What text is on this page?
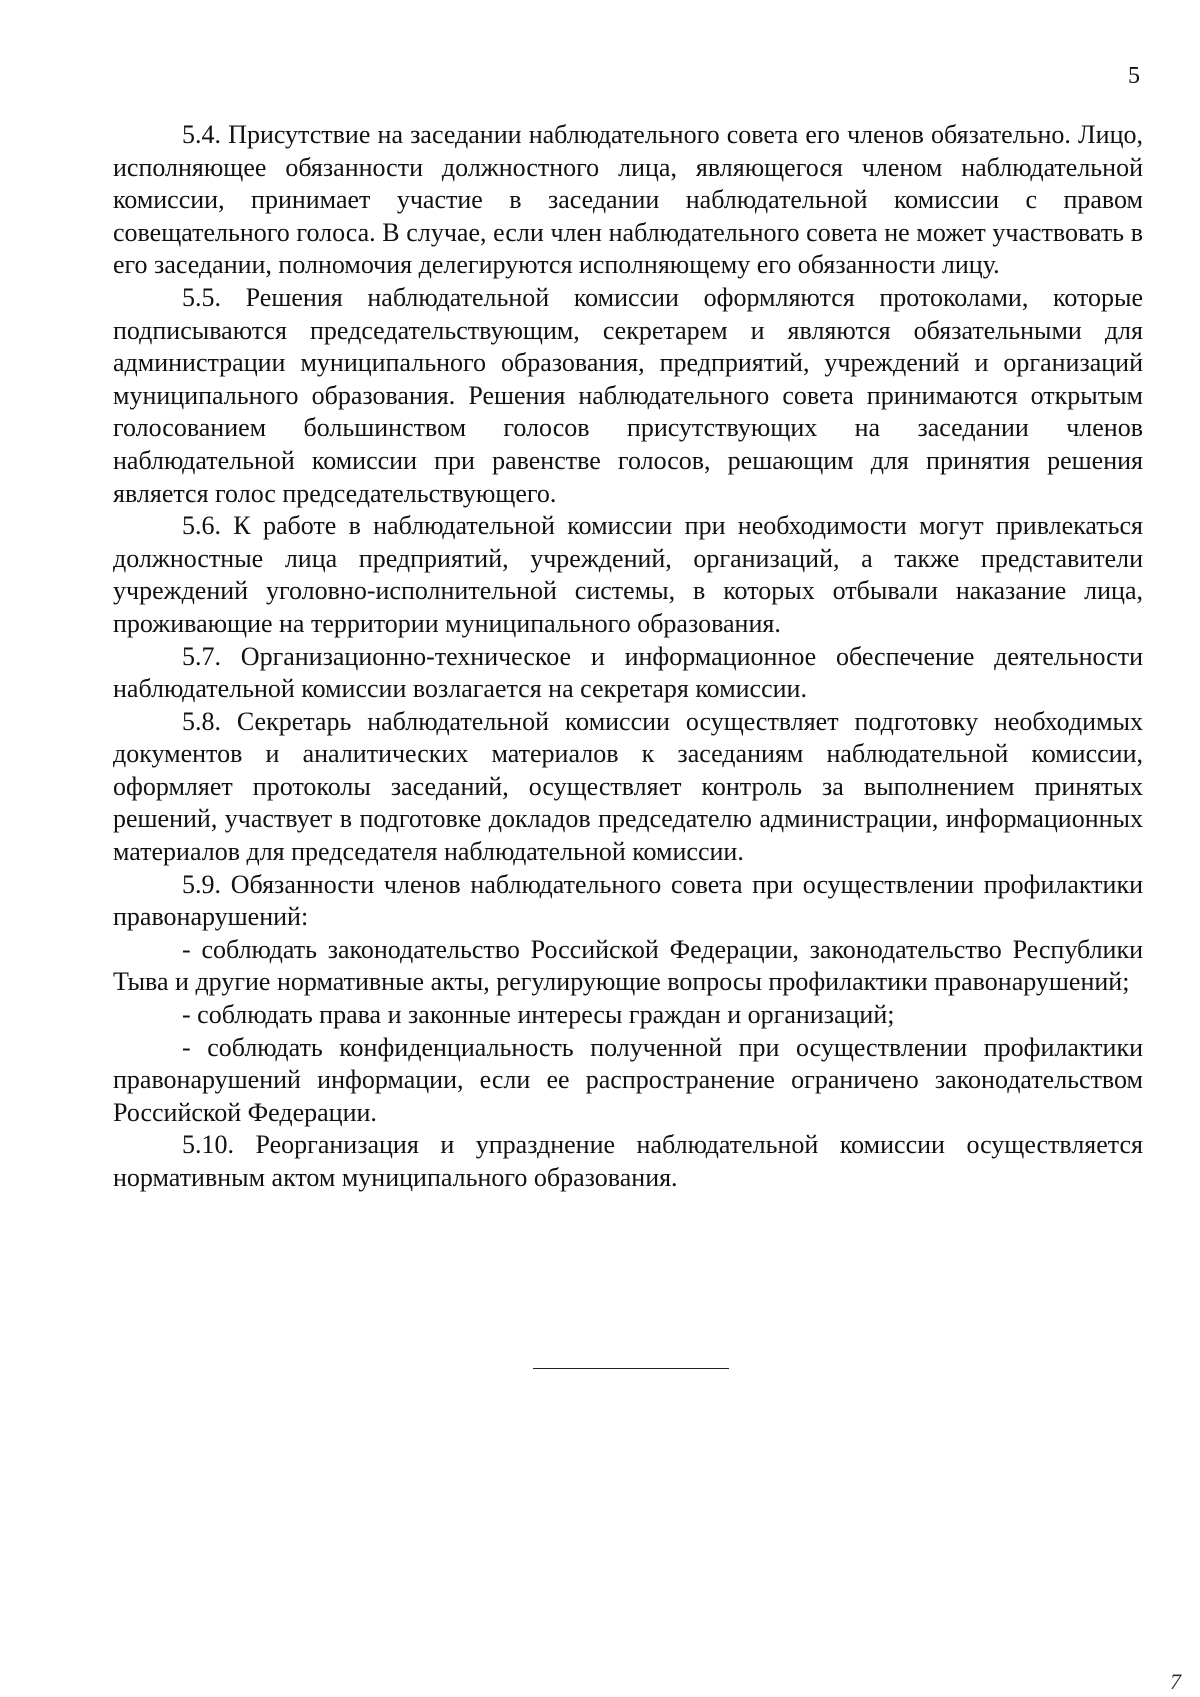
5

5.4. Присутствие на заседании наблюдательного совета его членов обязательно. Лицо, исполняющее обязанности должностного лица, являющегося членом наблюдательной комиссии, принимает участие в заседании наблюдательной комиссии с правом совещательного голоса. В случае, если член наблюдательного совета не может участвовать в его заседании, полномочия делегируются исполняющему его обязанности лицу.

5.5. Решения наблюдательной комиссии оформляются протоколами, которые подписываются председательствующим, секретарем и являются обязательными для администрации муниципального образования, предприятий, учреждений и организаций муниципального образования. Решения наблюдательного совета принимаются открытым голосованием большинством голосов присутствующих на заседании членов наблюдательной комиссии при равенстве голосов, решающим для принятия решения является голос председательствующего.

5.6. К работе в наблюдательной комиссии при необходимости могут привлекаться должностные лица предприятий, учреждений, организаций, а также представители учреждений уголовно-исполнительной системы, в которых отбывали наказание лица, проживающие на территории муниципального образования.

5.7. Организационно-техническое и информационное обеспечение деятельности наблюдательной комиссии возлагается на секретаря комиссии.

5.8. Секретарь наблюдательной комиссии осуществляет подготовку необходимых документов и аналитических материалов к заседаниям наблюдательной комиссии, оформляет протоколы заседаний, осуществляет контроль за выполнением принятых решений, участвует в подготовке докладов председателю администрации, информационных материалов для председателя наблюдательной комиссии.

5.9. Обязанности членов наблюдательного совета при осуществлении профилактики правонарушений:

- соблюдать законодательство Российской Федерации, законодательство Республики Тыва и другие нормативные акты, регулирующие вопросы профилактики правонарушений;

- соблюдать права и законные интересы граждан и организаций;

- соблюдать конфиденциальность полученной при осуществлении профилактики правонарушений информации, если ее распространение ограничено законодательством Российской Федерации.

5.10. Реорганизация и упразднение наблюдательной комиссии осуществляется нормативным актом муниципального образования.

7
